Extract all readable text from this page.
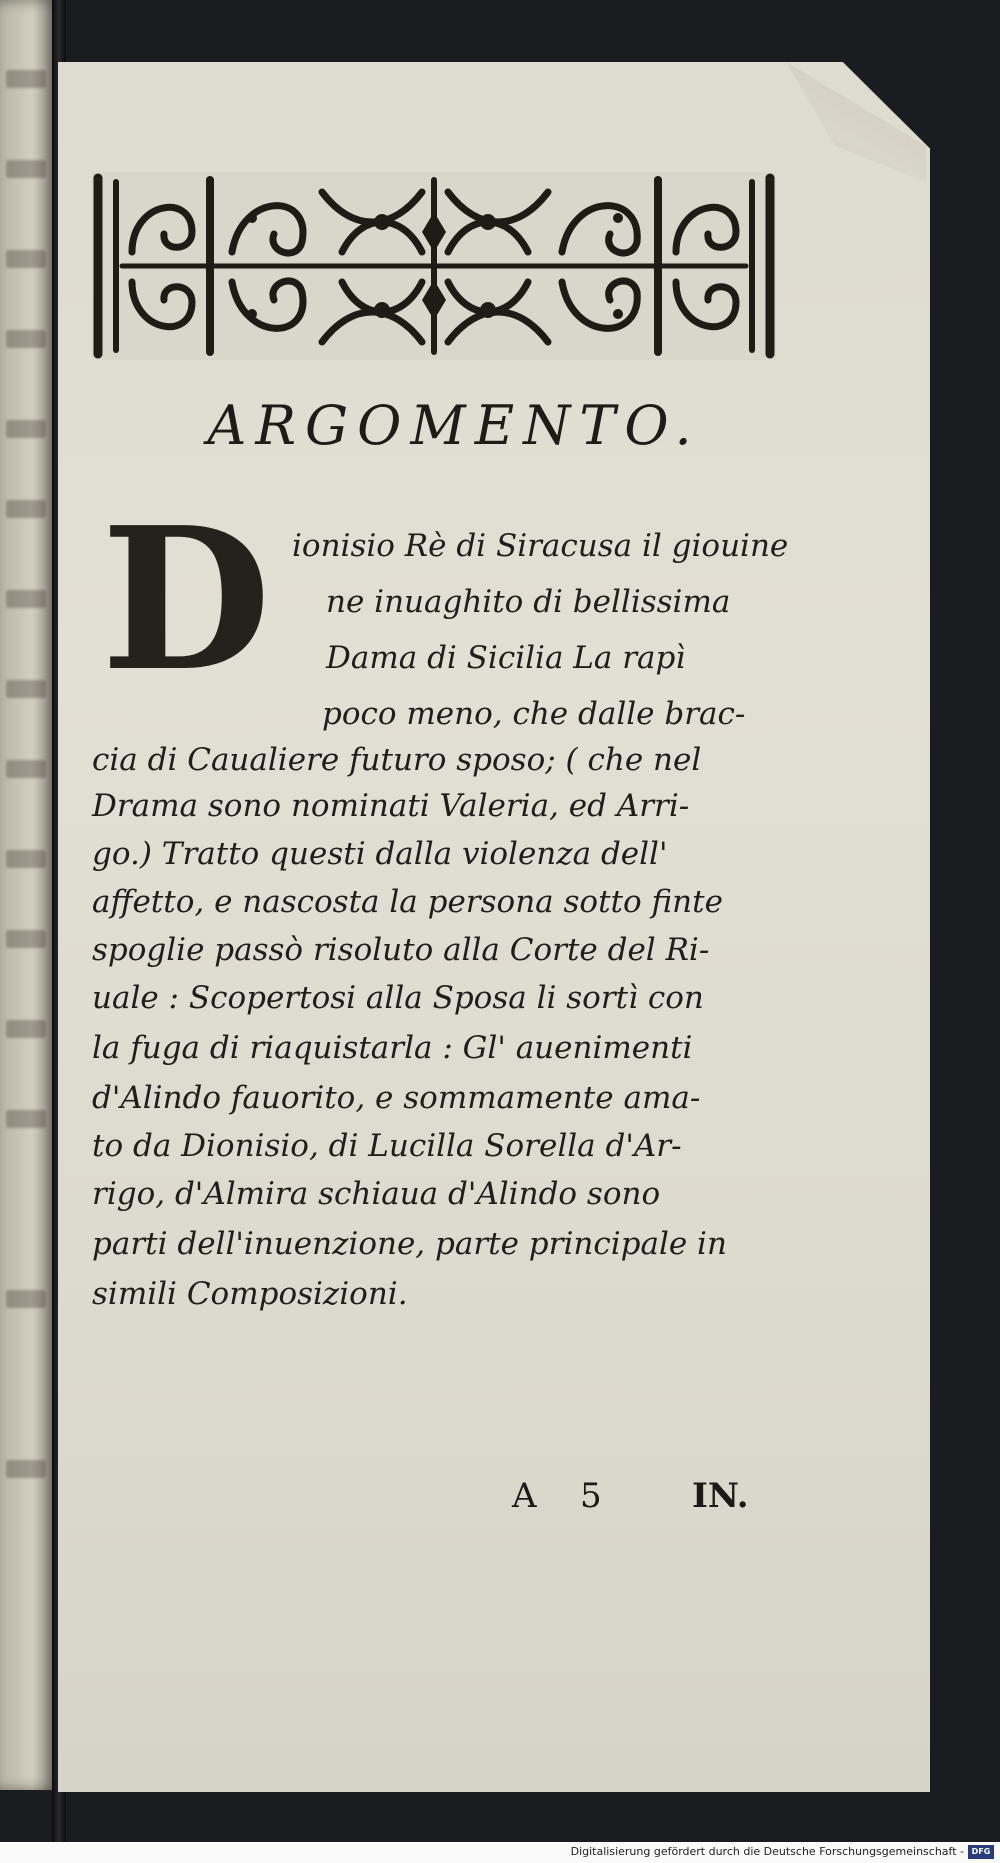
ARGOMENTO.
D ionisio Rè di Siracusa il giouine
ne inuaghito di bellissima
Dama di Sicilia La rapì
poco meno, che dalle brac-
cia di Caualiere futuro sposo; ( che nel
Drama sono nominati Valeria, ed Arri-
go.) Tratto questi dalla violenza dell'
affetto, e nascosta la persona sotto finte
spoglie passò risoluto alla Corte del Ri-
uale : Scopertosi alla Sposa li sortì con
la fuga di riaquistarla : Gl' auenimenti
d'Alindo fauorito, e sommamente ama-
to da Dionisio, di Lucilla Sorella d'Ar-
rigo, d'Almira schiaua d'Alindo sono
parti dell'inuenzione, parte principale in
simili Composizioni.
A 5	IN.
Digitalisierung gefördert durch die Deutsche Forschungsgemeinschaft - DFG
